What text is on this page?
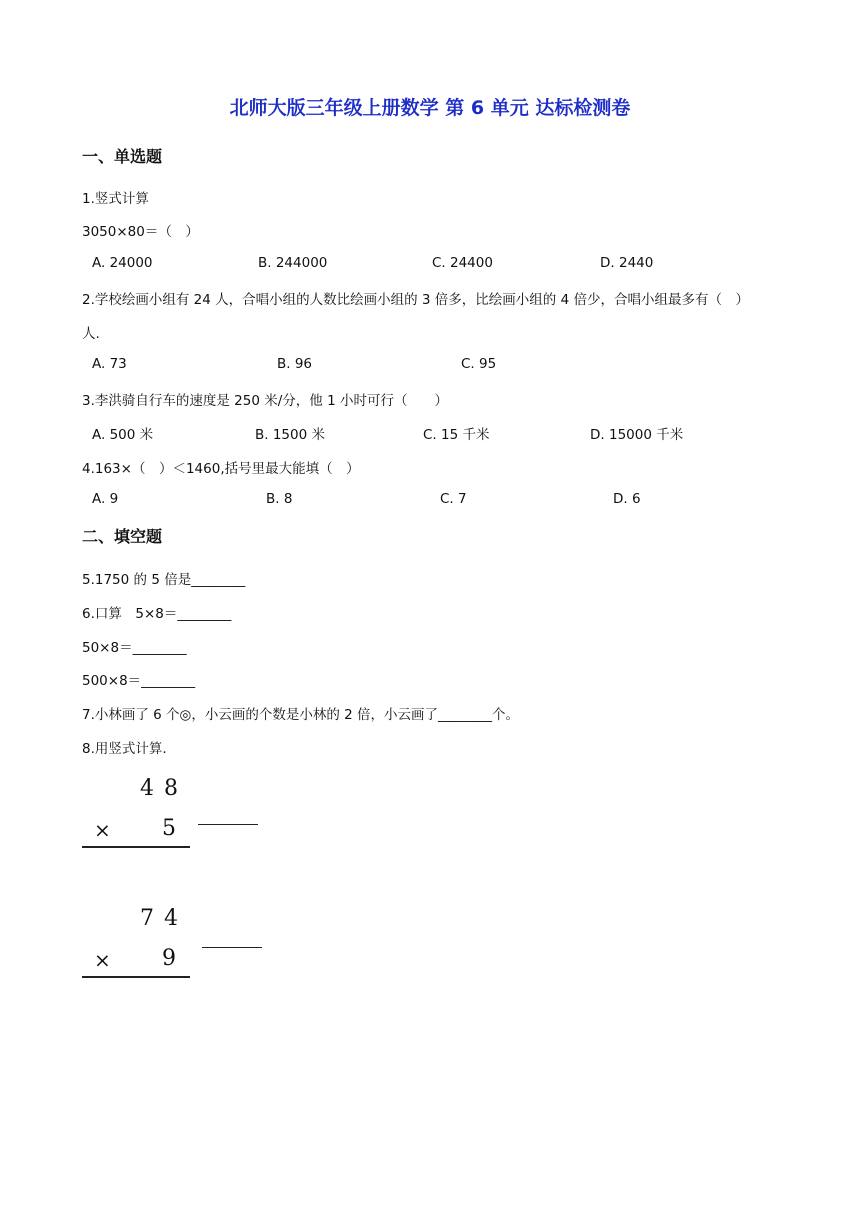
北师大版三年级上册数学 第 6 单元 达标检测卷
一、单选题
1.竖式计算
3050×80＝（　）
A. 24000	B. 244000	C. 24400	D. 2440
2.学校绘画小组有 24 人，合唱小组的人数比绘画小组的 3 倍多，比绘画小组的 4 倍少，合唱小组最多有（　）
人.
A. 73	B. 96	C. 95
3.李洪骑自行车的速度是 250 米/分，他 1 小时可行（　　）
A. 500 米	B. 1500 米	C. 15 千米	D. 15000 千米
4.163×（　）＜1460,括号里最大能填（　）
A. 9	B. 8	C. 7	D. 6
二、填空题
5.1750 的 5 倍是________
6.口算　5×8＝________
50×8＝________
500×8＝________
7.小林画了 6 个◎，小云画的个数是小林的 2 倍，小云画了________个。
8.用竖式计算.
48
× 5
74
× 9
